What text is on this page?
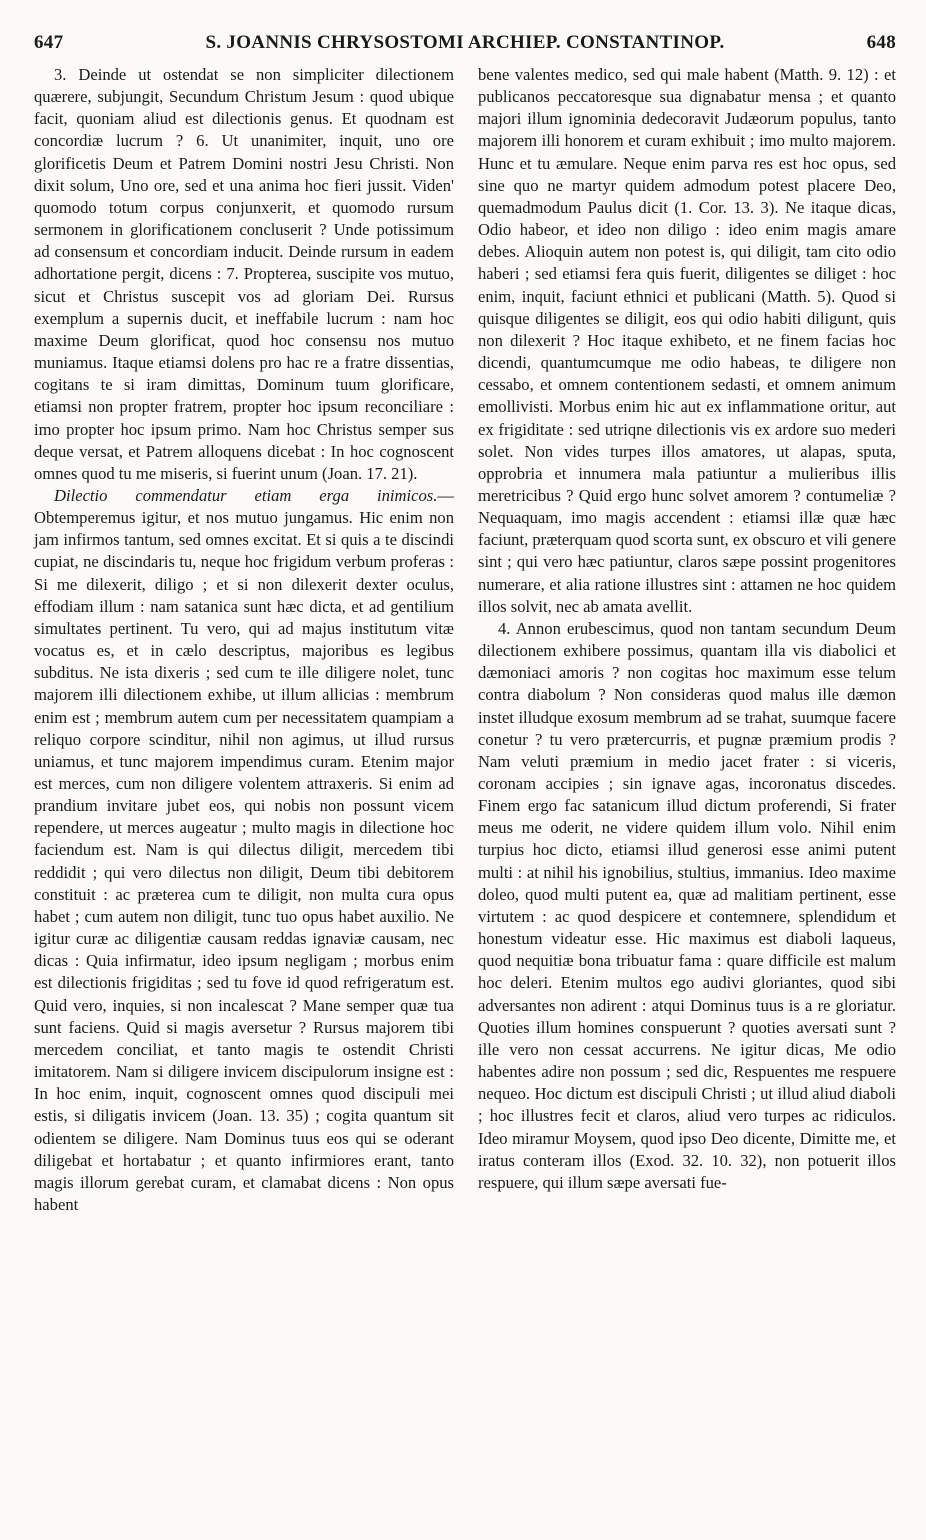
647	S. JOANNIS CHRYSOSTOMI ARCHIEP. CONSTANTINOP.	648

3. Deinde ut ostendat se non simpliciter dilectionem quærere, subjungit, Secundum Christum Jesum : quod ubique facit, quoniam aliud est dilectionis genus. Et quodnam est concordiæ lucrum ? 6. Ut unanimiter, inquit, uno ore glorificetis Deum et Patrem Domini nostri Jesu Christi. Non dixit solum, Uno ore, sed et una anima hoc fieri jussit. Viden' quomodo totum corpus conjunxerit, et quomodo rursum sermonem in glorificationem concluserit ? Unde potissimum ad consensum et concordiam inducit. Deinde rursum in eadem adhortatione pergit, dicens : 7. Propterea, suscipite vos mutuo, sicut et Christus suscepit vos ad gloriam Dei. Rursus exemplum a supernis ducit, et ineffabile lucrum : nam hoc maxime Deum glorificat, quod hoc consensu nos mutuo muniamus. Itaque etiamsi dolens pro hac re a fratre dissentias, cogitans te si iram dimittas, Dominum tuum glorificare, etiamsi non propter fratrem, propter hoc ipsum reconciliare : imo propter hoc ipsum primo. Nam hoc Christus semper sus deque versat, et Patrem alloquens dicebat : In hoc cognoscent omnes quod tu me miseris, si fuerint unum (Joan. 17. 21).

Dilectio commendatur etiam erga inimicos.—Obtemperemus igitur, et nos mutuo jungamus. Hic enim non jam infirmos tantum, sed omnes excitat. Et si quis a te discindi cupiat, ne discindaris tu, neque hoc frigidum verbum proferas : Si me dilexerit, diligo ; et si non dilexerit dexter oculus, effodiam illum : nam satanica sunt hæc dicta, et ad gentilium simultates pertinent. Tu vero, qui ad majus institutum vitæ vocatus es, et in cælo descriptus, majoribus es legibus subditus. Ne ista dixeris ; sed cum te ille diligere nolet, tunc majorem illi dilectionem exhibe, ut illum allicias : membrum enim est ; membrum autem cum per necessitatem quampiam a reliquo corpore scinditur, nihil non agimus, ut illud rursus uniamus, et tunc majorem impendimus curam. Etenim major est merces, cum non diligere volentem attraxeris. Si enim ad prandium invitare jubet eos, qui nobis non possunt vicem rependere, ut merces augeatur ; multo magis in dilectione hoc faciendum est. Nam is qui dilectus diligit, mercedem tibi reddidit ; qui vero dilectus non diligit, Deum tibi debitorem constituit : ac præterea cum te diligit, non multa cura opus habet ; cum autem non diligit, tunc tuo opus habet auxilio. Ne igitur curæ ac diligentiæ causam reddas ignaviæ causam, nec dicas : Quia infirmatur, ideo ipsum negligam ; morbus enim est dilectionis frigiditas ; sed tu fove id quod refrigeratum est. Quid vero, inquies, si non incalescat ? Mane semper quæ tua sunt faciens. Quid si magis aversetur ? Rursus majorem tibi mercedem conciliat, et tanto magis te ostendit Christi imitatorem. Nam si diligere invicem discipulorum insigne est : In hoc enim, inquit, cognoscent omnes quod discipuli mei estis, si diligatis invicem (Joan. 13. 35) ; cogita quantum sit odientem se diligere. Nam Dominus tuus eos qui se oderant diligebat et hortabatur ; et quanto infirmiores erant, tanto magis illorum gerebat curam, et clamabat dicens : Non opus habent

bene valentes medico, sed qui male habent (Matth. 9. 12) : et publicanos peccatoresque sua dignabatur mensa ; et quanto majori illum ignominia dedecoravit Judæorum populus, tanto majorem illi honorem et curam exhibuit ; imo multo majorem. Hunc et tu æmulare. Neque enim parva res est hoc opus, sed sine quo ne martyr quidem admodum potest placere Deo, quemadmodum Paulus dicit (1. Cor. 13. 3). Ne itaque dicas, Odio habeor, et ideo non diligo : ideo enim magis amare debes. Alioquin autem non potest is, qui diligit, tam cito odio haberi ; sed etiamsi fera quis fuerit, diligentes se diliget : hoc enim, inquit, faciunt ethnici et publicani (Matth. 5). Quod si quisque diligentes se diligit, eos qui odio habiti diligunt, quis non dilexerit ? Hoc itaque exhibeto, et ne finem facias hoc dicendi, quantumcumque me odio habeas, te diligere non cessabo, et omnem contentionem sedasti, et omnem animum emollivisti. Morbus enim hic aut ex inflammatione oritur, aut ex frigiditate : sed utriqne dilectionis vis ex ardore suo mederi solet. Non vides turpes illos amatores, ut alapas, sputa, opprobria et innumera mala patiuntur a mulieribus illis meretricibus ? Quid ergo hunc solvet amorem ? contumeliæ ? Nequaquam, imo magis accendent : etiamsi illæ quæ hæc faciunt, præterquam quod scorta sunt, ex obscuro et vili genere sint ; qui vero hæc patiuntur, claros sæpe possint progenitores numerare, et alia ratione illustres sint : attamen ne hoc quidem illos solvit, nec ab amata avellit.

4. Annon erubescimus, quod non tantam secundum Deum dilectionem exhibere possimus, quantam illa vis diabolici et dæmoniaci amoris ? non cogitas hoc maximum esse telum contra diabolum ? Non consideras quod malus ille dæmon instet illudque exosum membrum ad se trahat, suumque facere conetur ? tu vero prætercurris, et pugnæ præmium prodis ? Nam veluti præmium in medio jacet frater : si viceris, coronam accipies ; sin ignave agas, incoronatus discedes. Finem ergo fac satanicum illud dictum proferendi, Si frater meus me oderit, ne videre quidem illum volo. Nihil enim turpius hoc dicto, etiamsi illud generosi esse animi putent multi : at nihil his ignobilius, stultius, immanius. Ideo maxime doleo, quod multi putent ea, quæ ad malitiam pertinent, esse virtutem : ac quod despicere et contemnere, splendidum et honestum videatur esse. Hic maximus est diaboli laqueus, quod nequitiæ bona tribuatur fama : quare difficile est malum hoc deleri. Etenim multos ego audivi gloriantes, quod sibi adversantes non adirent : atqui Dominus tuus is a re gloriatur. Quoties illum homines conspuerunt ? quoties aversati sunt ? ille vero non cessat accurrens. Ne igitur dicas, Me odio habentes adire non possum ; sed dic, Respuentes me respuere nequeo. Hoc dictum est discipuli Christi ; ut illud aliud diaboli ; hoc illustres fecit et claros, aliud vero turpes ac ridiculos. Ideo miramur Moysem, quod ipso Deo dicente, Dimitte me, et iratus conteram illos (Exod. 32. 10. 32), non potuerit illos respuere, qui illum sæpe aversati fue-
